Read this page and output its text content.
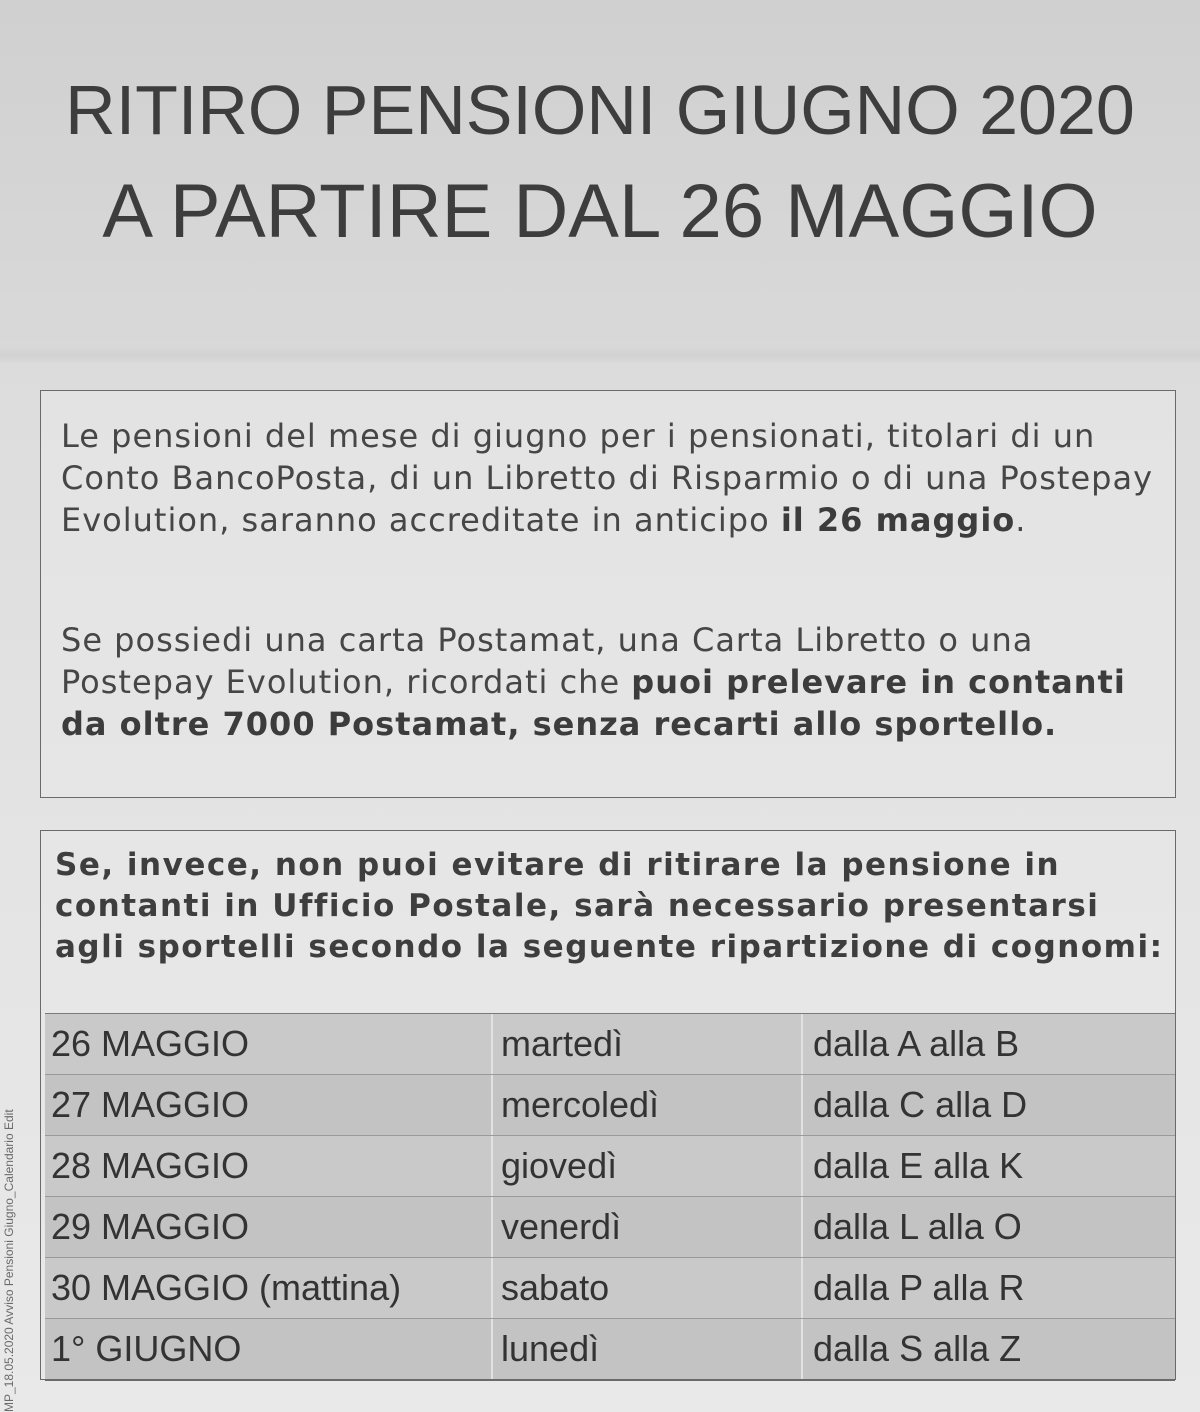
RITIRO PENSIONI GIUGNO 2020
A PARTIRE DAL 26 MAGGIO
Le pensioni del mese di giugno per i pensionati, titolari di un Conto BancoPosta, di un Libretto di Risparmio o di una Postepay Evolution, saranno accreditate in anticipo il 26 maggio.
Se possiedi una carta Postamat, una Carta Libretto o una Postepay Evolution, ricordati che puoi prelevare in contanti da oltre 7000 Postamat, senza recarti allo sportello.
Se, invece, non puoi evitare di ritirare la pensione in contanti in Ufficio Postale, sarà necessario presentarsi agli sportelli secondo la seguente ripartizione di cognomi:
26 MAGGIO	martedì	dalla A alla B
27 MAGGIO	mercoledì	dalla C alla D
28 MAGGIO	giovedì	dalla E alla K
29 MAGGIO	venerdì	dalla L alla O
30 MAGGIO (mattina)	sabato	dalla P alla R
1° GIUGNO	lunedì	dalla S alla Z
MP_18.05.2020 Avviso Pensioni Giugno_Calendario Edit
